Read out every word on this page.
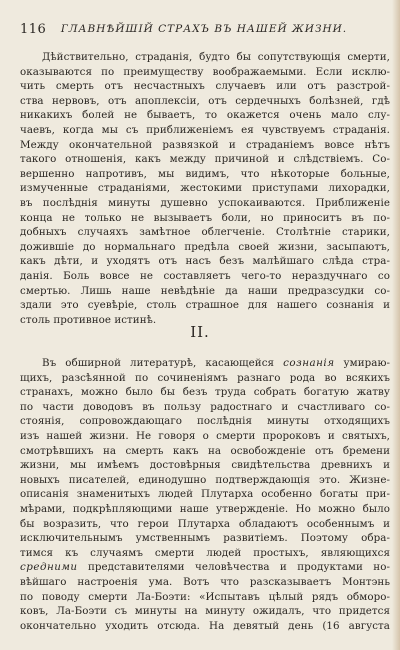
116	ГЛАВНѢЙШІЙ СТРАХЪ ВЪ НАШЕЙ ЖИЗНИ.
Дѣйствительно, страданія, будто бы сопутствующія смерти,
оказываются по преимуществу воображаемыми. Если исклю-
чить смерть отъ несчастныхъ случаевъ или отъ разстрой-
ства нервовъ, отъ апоплексіи, отъ сердечныхъ болѣзней, гдѣ
никакихъ болей не бываетъ, то окажется очень мало слу-
чаевъ, когда мы съ приближеніемъ ея чувствуемъ страданія.
Между окончательной развязкой и страданіемъ вовсе нѣтъ
такого отношенія, какъ между причиной и слѣдствіемъ. Со-
вершенно напротивъ, мы видимъ, что нѣкоторые больные,
измученные страданіями, жестокими приступами лихорадки,
въ послѣднія минуты душевно успокаиваются. Приближеніе
конца не только не вызываетъ боли, но приноситъ въ по-
добныхъ случаяхъ замѣтное облегченіе. Столѣтніе старики,
дожившіе до нормальнаго предѣла своей жизни, засыпаютъ,
какъ дѣти, и уходятъ отъ насъ безъ малѣйшаго слѣда стра-
данія. Боль вовсе не составляетъ чего-то нераздучнаго со
смертью. Лишь наше невѣдѣніе да наши предразсудки со-
здали это суевѣріе, столь страшное для нашего сознанія и
столь противное истинѣ.
II.
Въ обширной литературѣ, касающейся сознанія умираю-
щихъ, разсѣянной по сочиненіямъ разнаго рода во всякихъ
странахъ, можно было бы безъ труда собрать богатую жатву
по части доводовъ въ пользу радостнаго и счастливаго со-
стоянія, сопровождающаго послѣднія минуты отходящихъ
изъ нашей жизни. Не говоря о смерти пророковъ и святыхъ,
смотрѣвшихъ на смерть какъ на освобожденіе отъ бремени
жизни, мы имѣемъ достовѣрныя свидѣтельства древнихъ и
новыхъ писателей, единодушно подтверждающія это. Жизне-
описанія знаменитыхъ людей Плутарха особенно богаты при-
мѣрами, подкрѣпляющими наше утвержденіе. Но можно было
бы возразить, что герои Плутарха обладаютъ особеннымъ и
исключительнымъ умственнымъ развитіемъ. Поэтому обра-
тимся къ случаямъ смерти людей простыхъ, являющихся
средними представителями человѣчества и продуктами но-
вѣйшаго настроенія ума. Вотъ что разсказываетъ Монтэнь
по поводу смерти Ла-Боэти: «Испытавъ цѣлый рядъ обморо-
ковъ, Ла-Боэти съ минуты на минуту ожидалъ, что придется
окончательно уходить отсюда. На девятый день (16 августа
